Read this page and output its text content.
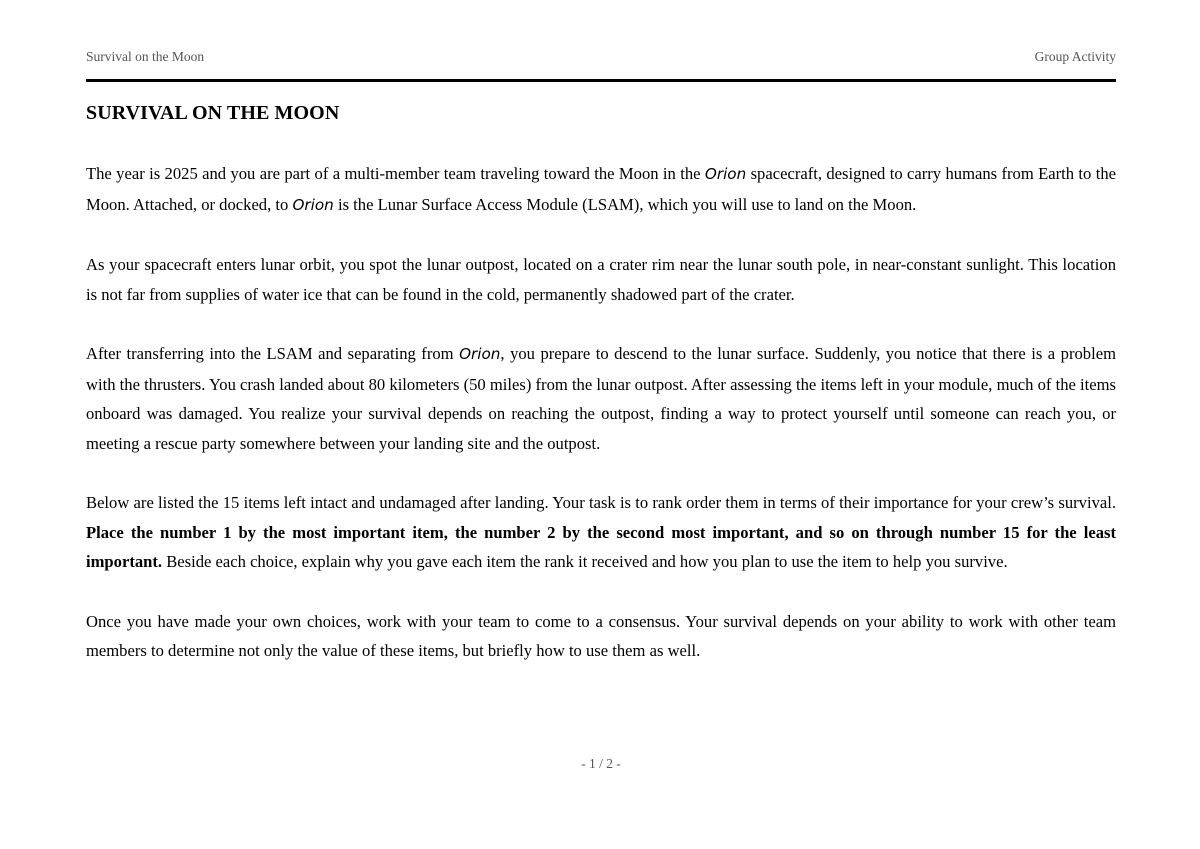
Survival on the Moon	Group Activity
SURVIVAL ON THE MOON

The year is 2025 and you are part of a multi-member team traveling toward the Moon in the Orion spacecraft, designed to carry humans from Earth to the Moon. Attached, or docked, to Orion is the Lunar Surface Access Module (LSAM), which you will use to land on the Moon.

As your spacecraft enters lunar orbit, you spot the lunar outpost, located on a crater rim near the lunar south pole, in near-constant sunlight. This location is not far from supplies of water ice that can be found in the cold, permanently shadowed part of the crater.

After transferring into the LSAM and separating from Orion, you prepare to descend to the lunar surface. Suddenly, you notice that there is a problem with the thrusters. You crash landed about 80 kilometers (50 miles) from the lunar outpost. After assessing the items left in your module, much of the items onboard was damaged. You realize your survival depends on reaching the outpost, finding a way to protect yourself until someone can reach you, or meeting a rescue party somewhere between your landing site and the outpost.

Below are listed the 15 items left intact and undamaged after landing. Your task is to rank order them in terms of their importance for your crew’s survival. Place the number 1 by the most important item, the number 2 by the second most important, and so on through number 15 for the least important. Beside each choice, explain why you gave each item the rank it received and how you plan to use the item to help you survive.

Once you have made your own choices, work with your team to come to a consensus. Your survival depends on your ability to work with other team members to determine not only the value of these items, but briefly how to use them as well.

- 1 / 2 -
